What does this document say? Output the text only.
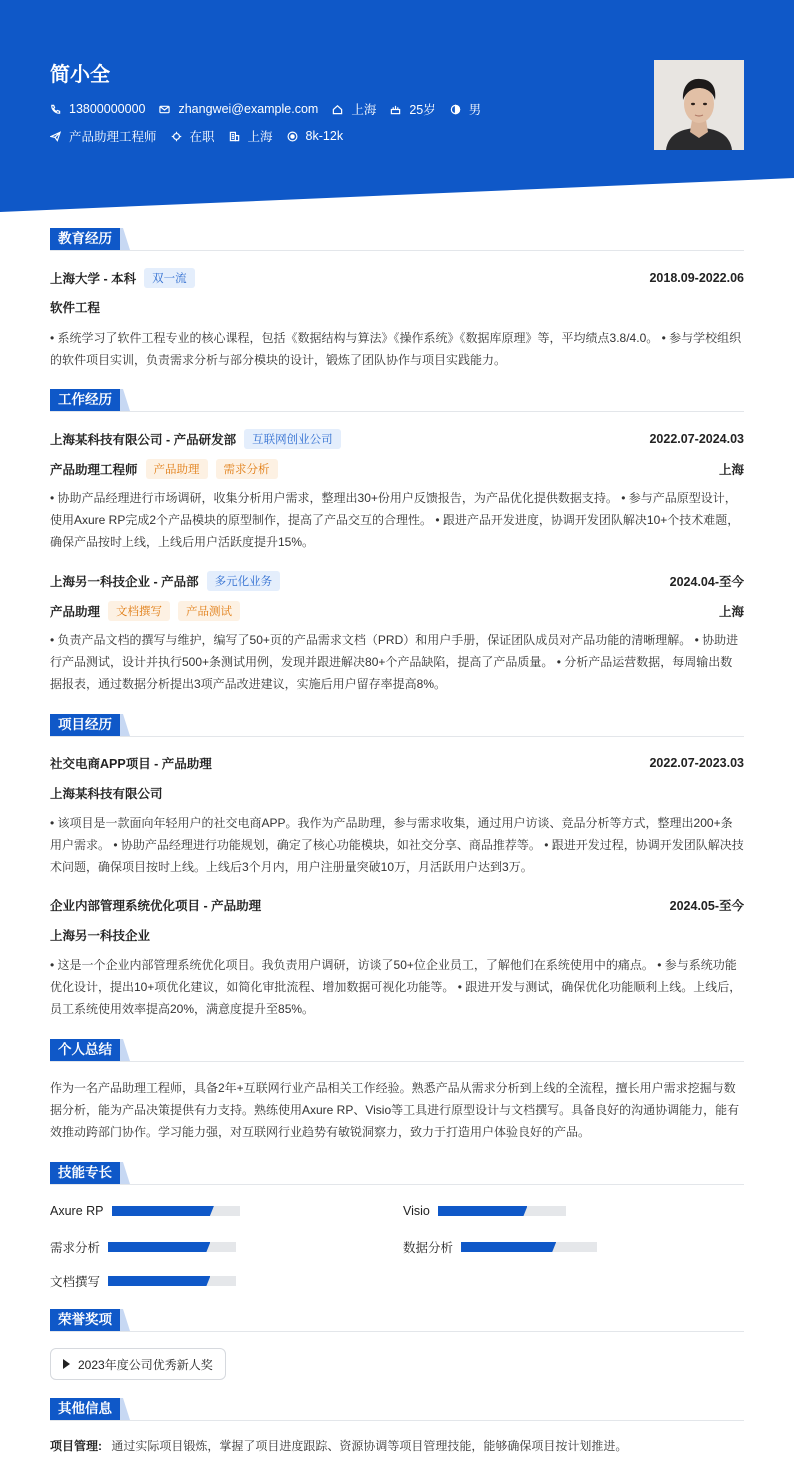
简小全
13800000000	zhangwei@example.com	上海	25岁	男
产品助理工程师	在职	上海	8k-12k
教育经历
上海大学 - 本科	双一流	2018.09-2022.06
软件工程
• 系统学习了软件工程专业的核心课程，包括《数据结构与算法》《操作系统》《数据库原理》等，平均绩点3.8/4.0。 • 参与学校组织的软件项目实训，负责需求分析与部分模块的设计，锻炼了团队协作与项目实践能力。
工作经历
上海某科技有限公司 - 产品研发部	互联网创业公司	2022.07-2024.03
产品助理工程师	产品助理	需求分析	上海
• 协助产品经理进行市场调研，收集分析用户需求，整理出30+份用户反馈报告，为产品优化提供数据支持。 • 参与产品原型设计，使用Axure RP完成2个产品模块的原型制作，提高了产品交互的合理性。 • 跟进产品开发进度，协调开发团队解决10+个技术难题，确保产品按时上线，上线后用户活跃度提升15%。
上海另一科技企业 - 产品部	多元化业务	2024.04-至今
产品助理	文档撰写	产品测试	上海
• 负责产品文档的撰写与维护，编写了50+页的产品需求文档（PRD）和用户手册，保证团队成员对产品功能的清晰理解。 • 协助进行产品测试，设计并执行500+条测试用例，发现并跟进解决80+个产品缺陷，提高了产品质量。 • 分析产品运营数据，每周输出数据报表，通过数据分析提出3项产品改进建议，实施后用户留存率提高8%。
项目经历
社交电商APP项目 - 产品助理	2022.07-2023.03
上海某科技有限公司
• 该项目是一款面向年轻用户的社交电商APP。我作为产品助理，参与需求收集，通过用户访谈、竞品分析等方式，整理出200+条用户需求。 • 协助产品经理进行功能规划，确定了核心功能模块，如社交分享、商品推荐等。 • 跟进开发过程，协调开发团队解决技术问题，确保项目按时上线。上线后3个月内，用户注册量突破10万，月活跃用户达到3万。
企业内部管理系统优化项目 - 产品助理	2024.05-至今
上海另一科技企业
• 这是一个企业内部管理系统优化项目。我负责用户调研，访谈了50+位企业员工，了解他们在系统使用中的痛点。 • 参与系统功能优化设计，提出10+项优化建议，如简化审批流程、增加数据可视化功能等。 • 跟进开发与测试，确保优化功能顺利上线。上线后，员工系统使用效率提高20%，满意度提升至85%。
个人总结
作为一名产品助理工程师，具备2年+互联网行业产品相关工作经验。熟悉产品从需求分析到上线的全流程，擅长用户需求挖掘与数据分析，能为产品决策提供有力支持。熟练使用Axure RP、Visio等工具进行原型设计与文档撰写。具备良好的沟通协调能力，能有效推动跨部门协作。学习能力强，对互联网行业趋势有敏锐洞察力，致力于打造用户体验良好的产品。
技能专长
Axure RP	Visio
需求分析	数据分析
文档撰写
荣誉奖项
2023年度公司优秀新人奖
其他信息
项目管理: 通过实际项目锻炼，掌握了项目进度跟踪、资源协调等项目管理技能，能够确保项目按计划推进。
